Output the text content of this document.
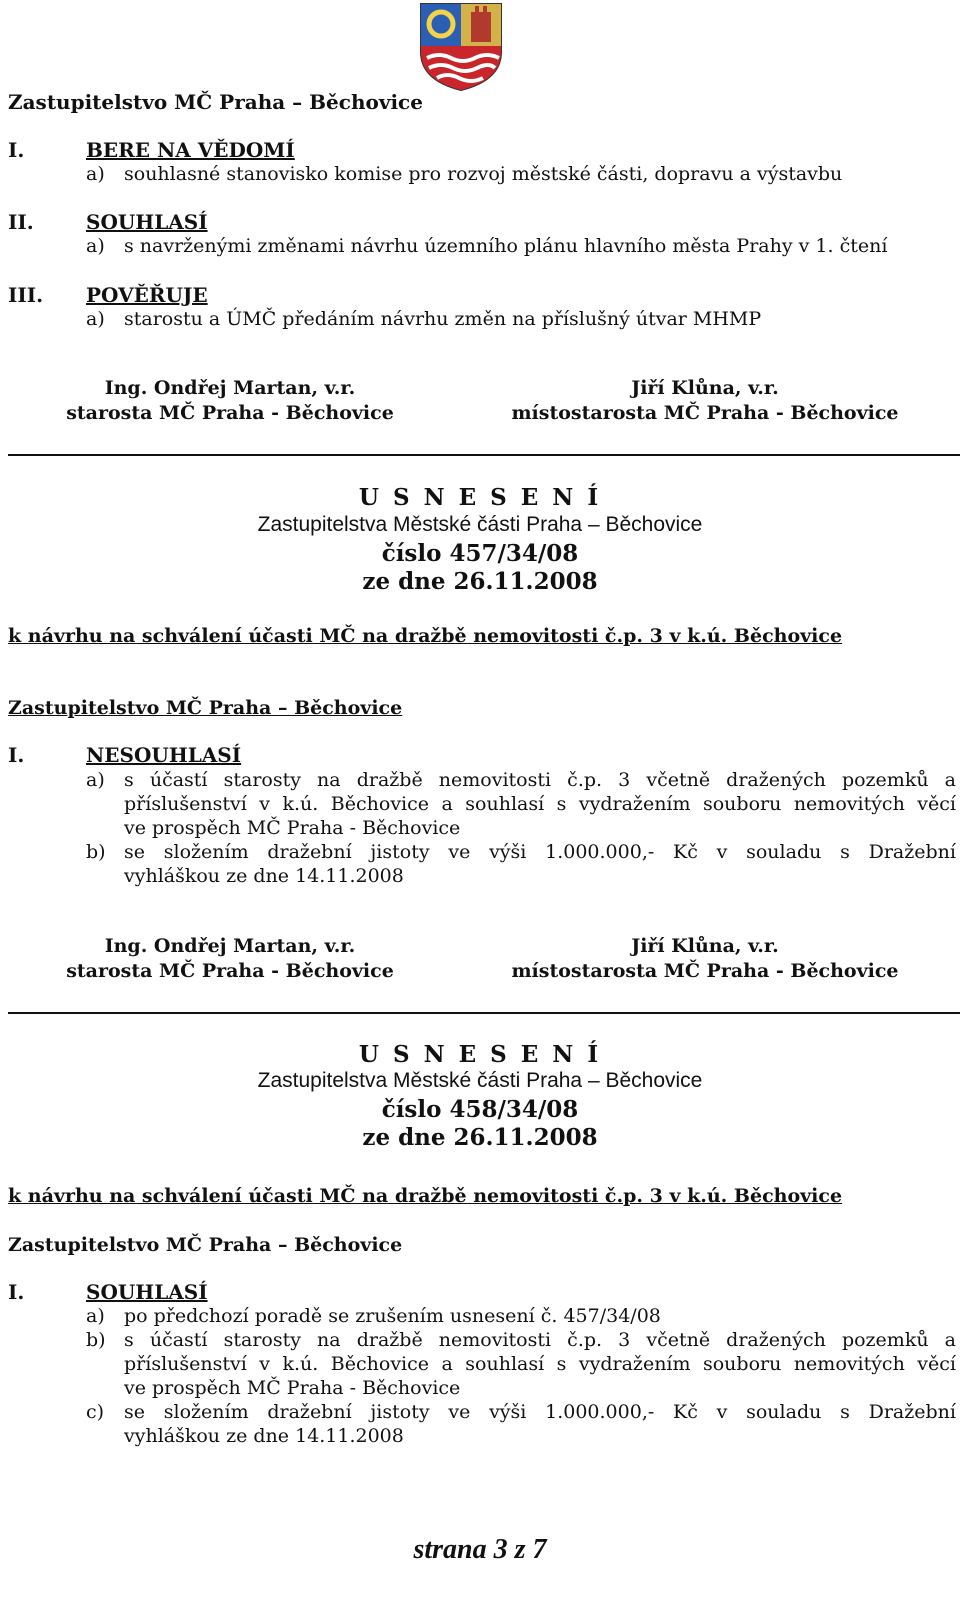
Zastupitelstvo MČ Praha – Běchovice
I.	BERE NA VĚDOMÍ
a) souhlasné stanovisko komise pro rozvoj městské části, dopravu a výstavbu
II.	SOUHLASÍ
a) s navrženými změnami návrhu územního plánu hlavního města Prahy v 1. čtení
III. POVĚŘUJE
a) starostu a ÚMČ předáním návrhu změn na příslušný útvar MHMP
Ing. Ondřej Martan, v.r.
starosta MČ Praha - Běchovice
Jiří Klůna, v.r.
místostarosta MČ Praha - Běchovice
U S N E S E N Í
Zastupitelstva Městské části Praha – Běchovice
číslo 457/34/08
ze dne 26.11.2008
k návrhu na schválení účasti MČ na dražbě nemovitosti č.p. 3 v k.ú. Běchovice
Zastupitelstvo MČ Praha – Běchovice
I.	NESOUHLASÍ
a) s účastí starosty na dražbě nemovitosti č.p. 3 včetně dražených pozemků a
příslušenství v k.ú. Běchovice a souhlasí s vydražením souboru nemovitých věcí
ve prospěch MČ Praha - Běchovice
b) se složením dražební jistoty ve výši 1.000.000,- Kč v souladu s Dražební
vyhláškou ze dne 14.11.2008
Ing. Ondřej Martan, v.r.
starosta MČ Praha - Běchovice
Jiří Klůna, v.r.
místostarosta MČ Praha - Běchovice
U S N E S E N Í
Zastupitelstva Městské části Praha – Běchovice
číslo 458/34/08
ze dne 26.11.2008
k návrhu na schválení účasti MČ na dražbě nemovitosti č.p. 3 v k.ú. Běchovice
Zastupitelstvo MČ Praha – Běchovice
I.	SOUHLASÍ
a) po předchozí poradě se zrušením usnesení č. 457/34/08
b) s účastí starosty na dražbě nemovitosti č.p. 3 včetně dražených pozemků a
příslušenství v k.ú. Běchovice a souhlasí s vydražením souboru nemovitých věcí
ve prospěch MČ Praha - Běchovice
c) se složením dražební jistoty ve výši 1.000.000,- Kč v souladu s Dražební
vyhláškou ze dne 14.11.2008
strana 3 z 7
